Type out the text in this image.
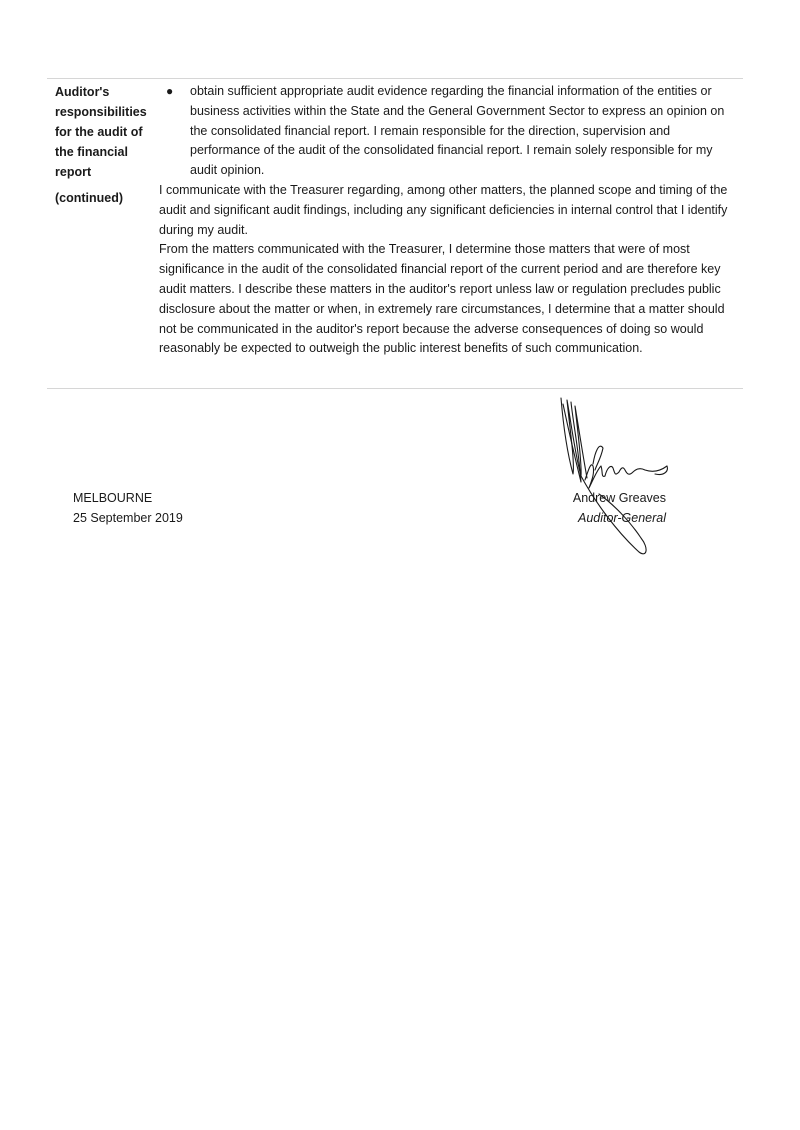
Auditor's
responsibilities
for the audit of
the financial
report
(continued)
● obtain sufficient appropriate audit evidence regarding the financial information of the entities or business activities within the State and the General Government Sector to express an opinion on the consolidated financial report. I remain responsible for the direction, supervision and performance of the audit of the consolidated financial report. I remain solely responsible for my audit opinion.

I communicate with the Treasurer regarding, among other matters, the planned scope and timing of the audit and significant audit findings, including any significant deficiencies in internal control that I identify during my audit.

From the matters communicated with the Treasurer, I determine those matters that were of most significance in the audit of the consolidated financial report of the current period and are therefore key audit matters. I describe these matters in the auditor's report unless law or regulation precludes public disclosure about the matter or when, in extremely rare circumstances, I determine that a matter should not be communicated in the auditor's report because the adverse consequences of doing so would reasonably be expected to outweigh the public interest benefits of such communication.

MELBOURNE
25 September 2019
Andrew Greaves
Auditor-General
